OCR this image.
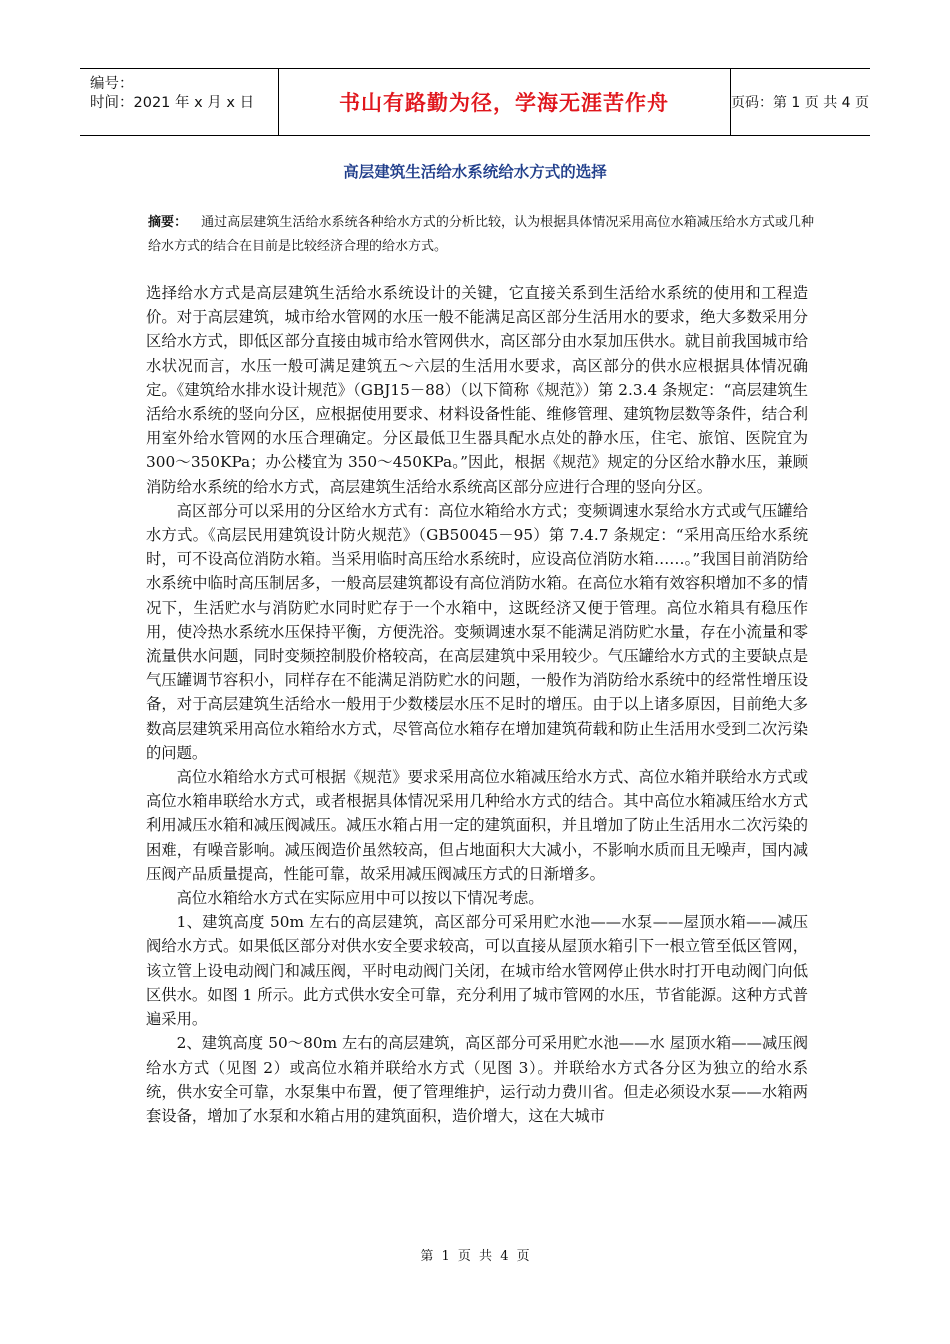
编号：
时间：2021 年 x 月 x 日	书山有路勤为径，学海无涯苦作舟	页码：第 1 页 共 4 页
高层建筑生活给水系统给水方式的选择
摘要： 通过高层建筑生活给水系统各种给水方式的分析比较，认为根据具体情况采用高位水箱减压给水方式或几种给水方式的结合在目前是比较经济合理的给水方式。

选择给水方式是高层建筑生活给水系统设计的关键，它直接关系到生活给水系统的使用和工程造价。对于高层建筑，城市给水管网的水压一般不能满足高区部分生活用水的要求，绝大多数采用分区给水方式，即低区部分直接由城市给水管网供水，高区部分由水泵加压供水。就目前我国城市给水状况而言，水压一般可满足建筑五～六层的生活用水要求，高区部分的供水应根据具体情况确定。《建筑给水排水设计规范》（GBJ15－88）（以下简称《规范》）第 2.3.4 条规定：“高层建筑生活给水系统的竖向分区，应根据使用要求、材料设备性能、维修管理、建筑物层数等条件，结合利用室外给水管网的水压合理确定。分区最低卫生器具配水点处的静水压，住宅、旅馆、医院宜为 300～350KPa；办公楼宜为 350～450KPa。”因此，根据《规范》规定的分区给水静水压，兼顾消防给水系统的给水方式，高层建筑生活给水系统高区部分应进行合理的竖向分区。

高区部分可以采用的分区给水方式有：高位水箱给水方式；变频调速水泵给水方式或气压罐给水方式。《高层民用建筑设计防火规范》（GB50045－95）第 7.4.7 条规定：“采用高压给水系统时，可不设高位消防水箱。当采用临时高压给水系统时，应设高位消防水箱……。”我国目前消防给水系统中临时高压制居多，一般高层建筑都设有高位消防水箱。在高位水箱有效容积增加不多的情况下，生活贮水与消防贮水同时贮存于一个水箱中，这既经济又便于管理。高位水箱具有稳压作用，使冷热水系统水压保持平衡，方便洗浴。变频调速水泵不能满足消防贮水量，存在小流量和零流量供水问题，同时变频控制股价格较高，在高层建筑中采用较少。气压罐给水方式的主要缺点是气压罐调节容积小，同样存在不能满足消防贮水的问题，一般作为消防给水系统中的经常性增压设备，对于高层建筑生活给水一般用于少数楼层水压不足时的增压。由于以上诸多原因，目前绝大多数高层建筑采用高位水箱给水方式，尽管高位水箱存在增加建筑荷载和防止生活用水受到二次污染的问题。

高位水箱给水方式可根据《规范》要求采用高位水箱减压给水方式、高位水箱并联给水方式或高位水箱串联给水方式，或者根据具体情况采用几种给水方式的结合。其中高位水箱减压给水方式利用减压水箱和减压阀减压。减压水箱占用一定的建筑面积，并且增加了防止生活用水二次污染的困难，有噪音影响。减压阀造价虽然较高，但占地面积大大减小，不影响水质而且无噪声，国内减压阀产品质量提高，性能可靠，故采用减压阀减压方式的日渐增多。

高位水箱给水方式在实际应用中可以按以下情况考虑。

1、建筑高度 50m 左右的高层建筑，高区部分可采用贮水池——水泵——屋顶水箱——减压阀给水方式。如果低区部分对供水安全要求较高，可以直接从屋顶水箱引下一根立管至低区管网，该立管上设电动阀门和减压阀，平时电动阀门关闭，在城市给水管网停止供水时打开电动阀门向低区供水。如图 1 所示。此方式供水安全可靠，充分利用了城市管网的水压，节省能源。这种方式普遍采用。

2、建筑高度 50～80m 左右的高层建筑，高区部分可采用贮水池——水 屋顶水箱——减压阀给水方式（见图 2）或高位水箱并联给水方式（见图 3）。并联给水方式各分区为独立的给水系统，供水安全可靠，水泵集中布置，便了管理维护，运行动力费川省。但走必须设水泵——水箱两套设备，增加了水泵和水箱占用的建筑面积，造价增大，这在大城市

第 1 页 共 4 页
